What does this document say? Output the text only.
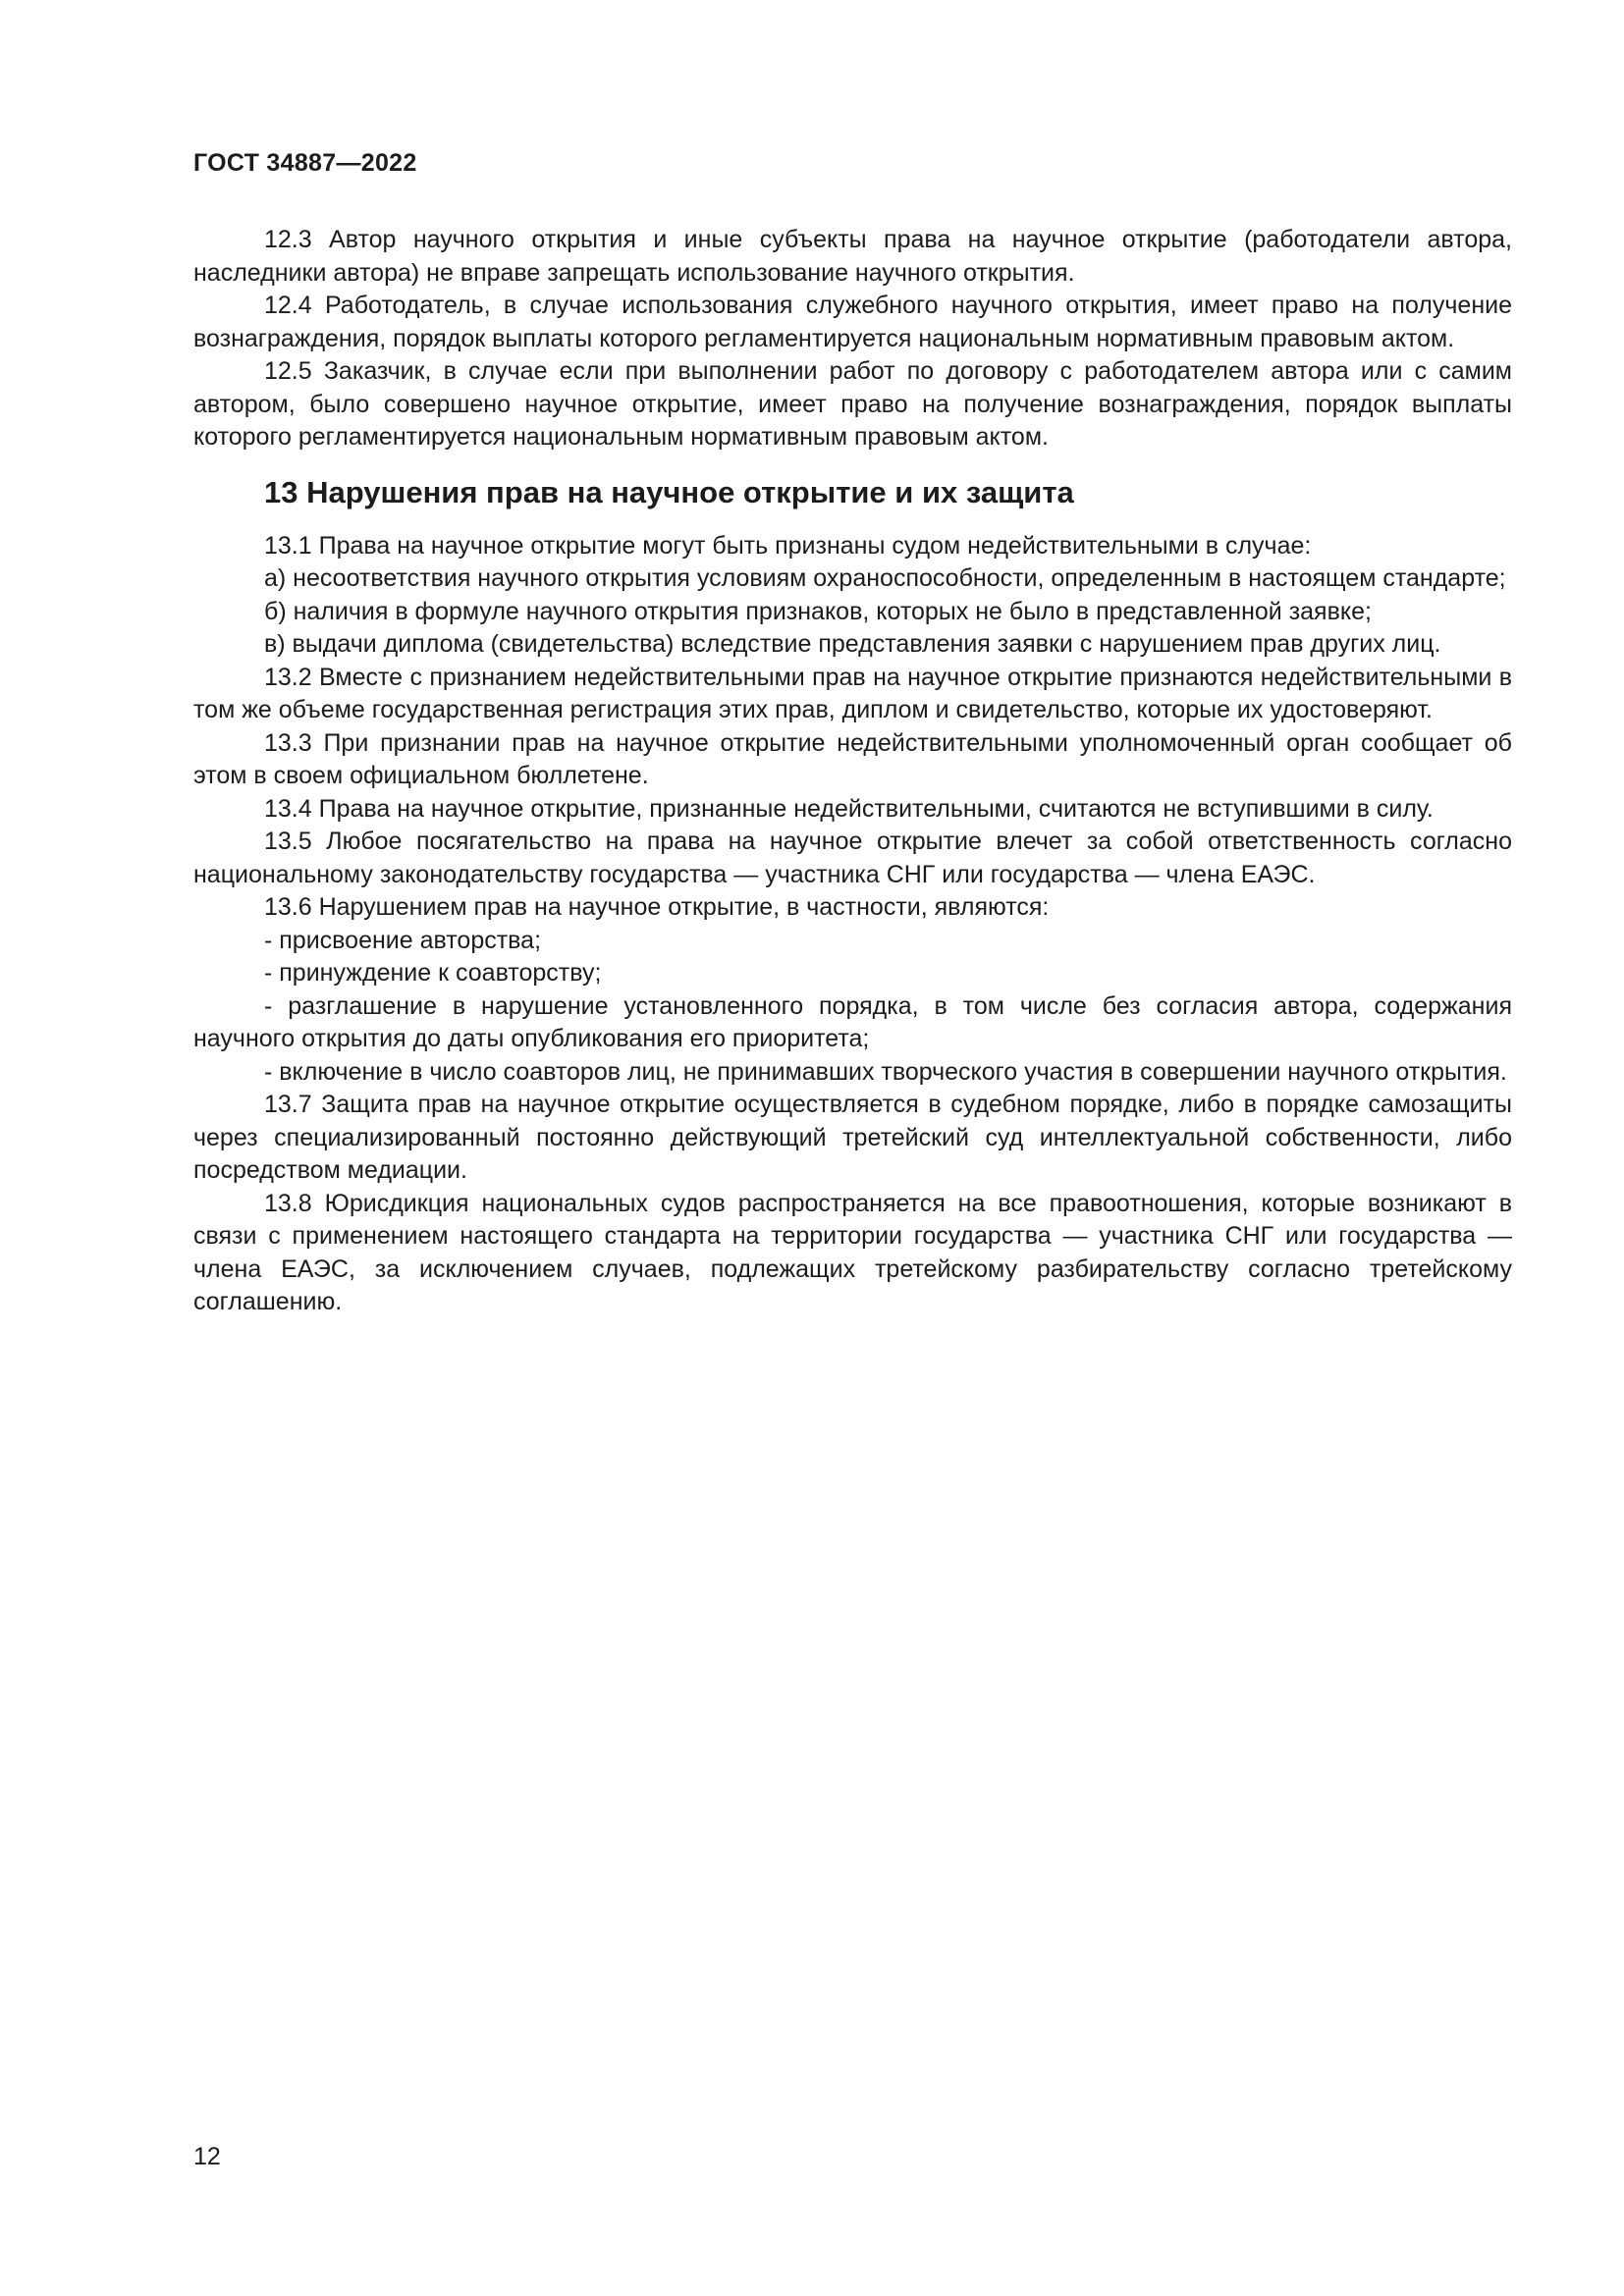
ГОСТ 34887—2022

12.3 Автор научного открытия и иные субъекты права на научное открытие (работодатели автора, наследники автора) не вправе запрещать использование научного открытия.

12.4 Работодатель, в случае использования служебного научного открытия, имеет право на получение вознаграждения, порядок выплаты которого регламентируется национальным нормативным правовым актом.

12.5 Заказчик, в случае если при выполнении работ по договору с работодателем автора или с самим автором, было совершено научное открытие, имеет право на получение вознаграждения, порядок выплаты которого регламентируется национальным нормативным правовым актом.

13 Нарушения прав на научное открытие и их защита

13.1 Права на научное открытие могут быть признаны судом недействительными в случае:

а) несоответствия научного открытия условиям охраноспособности, определенным в настоящем стандарте;

б) наличия в формуле научного открытия признаков, которых не было в представленной заявке;

в) выдачи диплома (свидетельства) вследствие представления заявки с нарушением прав других лиц.

13.2 Вместе с признанием недействительными прав на научное открытие признаются недействительными в том же объеме государственная регистрация этих прав, диплом и свидетельство, которые их удостоверяют.

13.3 При признании прав на научное открытие недействительными уполномоченный орган сообщает об этом в своем официальном бюллетене.

13.4 Права на научное открытие, признанные недействительными, считаются не вступившими в силу.

13.5 Любое посягательство на права на научное открытие влечет за собой ответственность согласно национальному законодательству государства — участника СНГ или государства — члена ЕАЭС.

13.6 Нарушением прав на научное открытие, в частности, являются:

- присвоение авторства;

- принуждение к соавторству;

- разглашение в нарушение установленного порядка, в том числе без согласия автора, содержания научного открытия до даты опубликования его приоритета;

- включение в число соавторов лиц, не принимавших творческого участия в совершении научного открытия.

13.7 Защита прав на научное открытие осуществляется в судебном порядке, либо в порядке самозащиты через специализированный постоянно действующий третейский суд интеллектуальной собственности, либо посредством медиации.

13.8 Юрисдикция национальных судов распространяется на все правоотношения, которые возникают в связи с применением настоящего стандарта на территории государства — участника СНГ или государства — члена ЕАЭС, за исключением случаев, подлежащих третейскому разбирательству согласно третейскому соглашению.

12
